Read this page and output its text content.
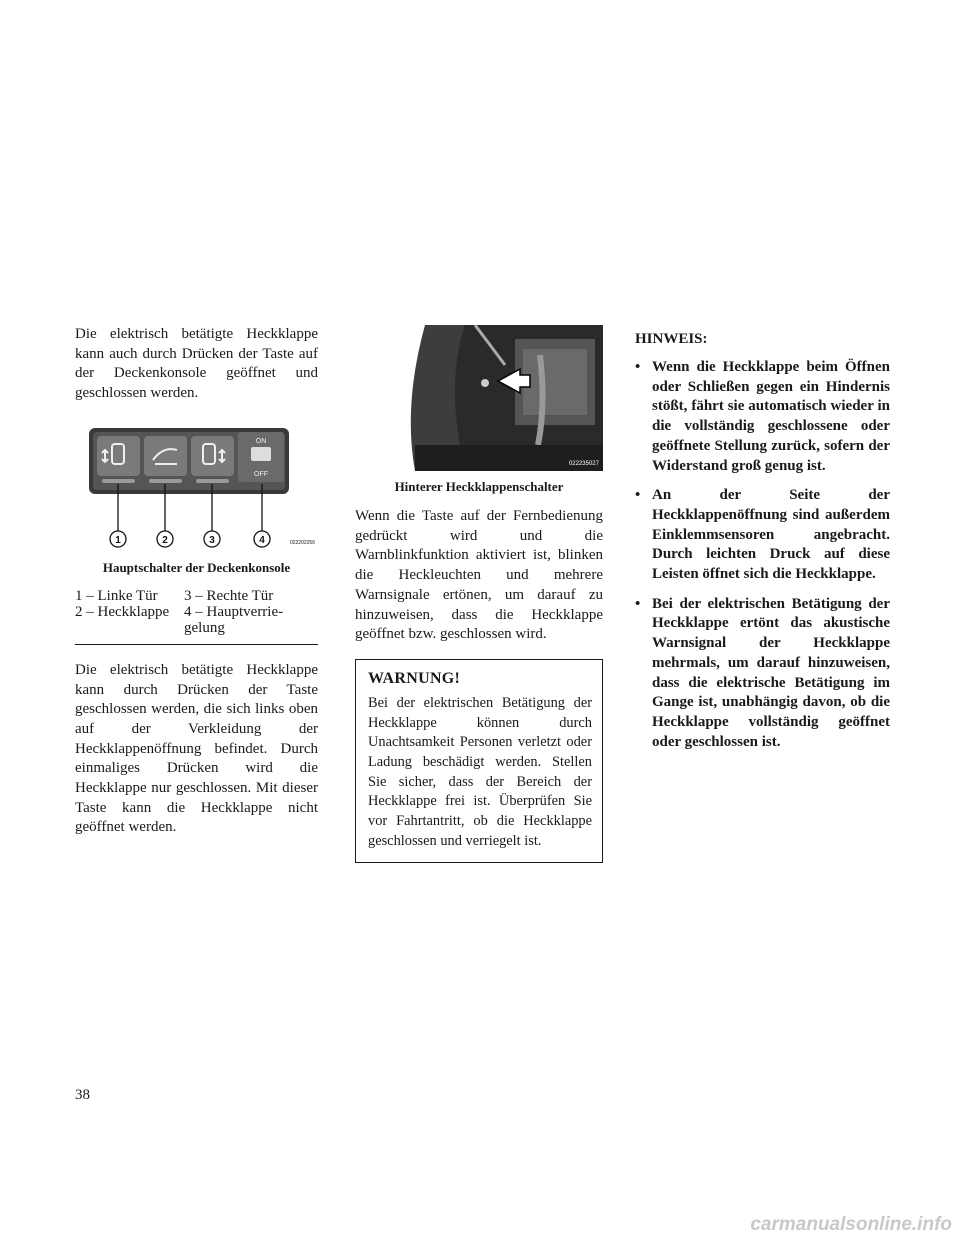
Die elektrisch betätigte Heckklappe kann auch durch Drücken der Taste auf der Deckenkonsole geöffnet und geschlossen werden.

ON
OFF
1	2	3	4	022202256

Hauptschalter der Deckenkonsole

1 – Linke Tür	3 – Rechte Tür
2 – Heckklappe 4 – Hauptverrie-
gelung

Die elektrisch betätigte Heckklappe kann durch Drücken der Taste geschlossen werden, die sich links oben auf der Verkleidung der Heckklappenöffnung befindet. Durch einmaliges Drücken wird die Heckklappe nur geschlossen. Mit dieser Taste kann die Heckklappe nicht geöffnet werden.

022235027

Hinterer Heckklappenschalter

Wenn die Taste auf der Fernbedienung gedrückt wird und die Warnblinkfunktion aktiviert ist, blinken die Heckleuchten und mehrere Warnsignale ertönen, um darauf zu hinzuweisen, dass die Heckklappe geöffnet bzw. geschlossen wird.

WARNUNG!

Bei der elektrischen Betätigung der Heckklappe können durch Unachtsamkeit Personen verletzt oder Ladung beschädigt werden. Stellen Sie sicher, dass der Bereich der Heckklappe frei ist. Überprüfen Sie vor Fahrtantritt, ob die Heckklappe geschlossen und verriegelt ist.

HINWEIS:

• Wenn die Heckklappe beim Öffnen oder Schließen gegen ein Hindernis stößt, fährt sie automatisch wieder in die vollständig geschlossene oder geöffnete Stellung zurück, sofern der Widerstand groß genug ist.
• An der Seite der Heckklappenöffnung sind außerdem Einklemmsensoren angebracht. Durch leichten Druck auf diese Leisten öffnet sich die Heckklappe.
• Bei der elektrischen Betätigung der Heckklappe ertönt das akustische Warnsignal der Heckklappe mehrmals, um darauf hinzuweisen, dass die elektrische Betätigung im Gange ist, unabhängig davon, ob die Heckklappe vollständig geöffnet oder geschlossen ist.
38
carmanualsonline.info
